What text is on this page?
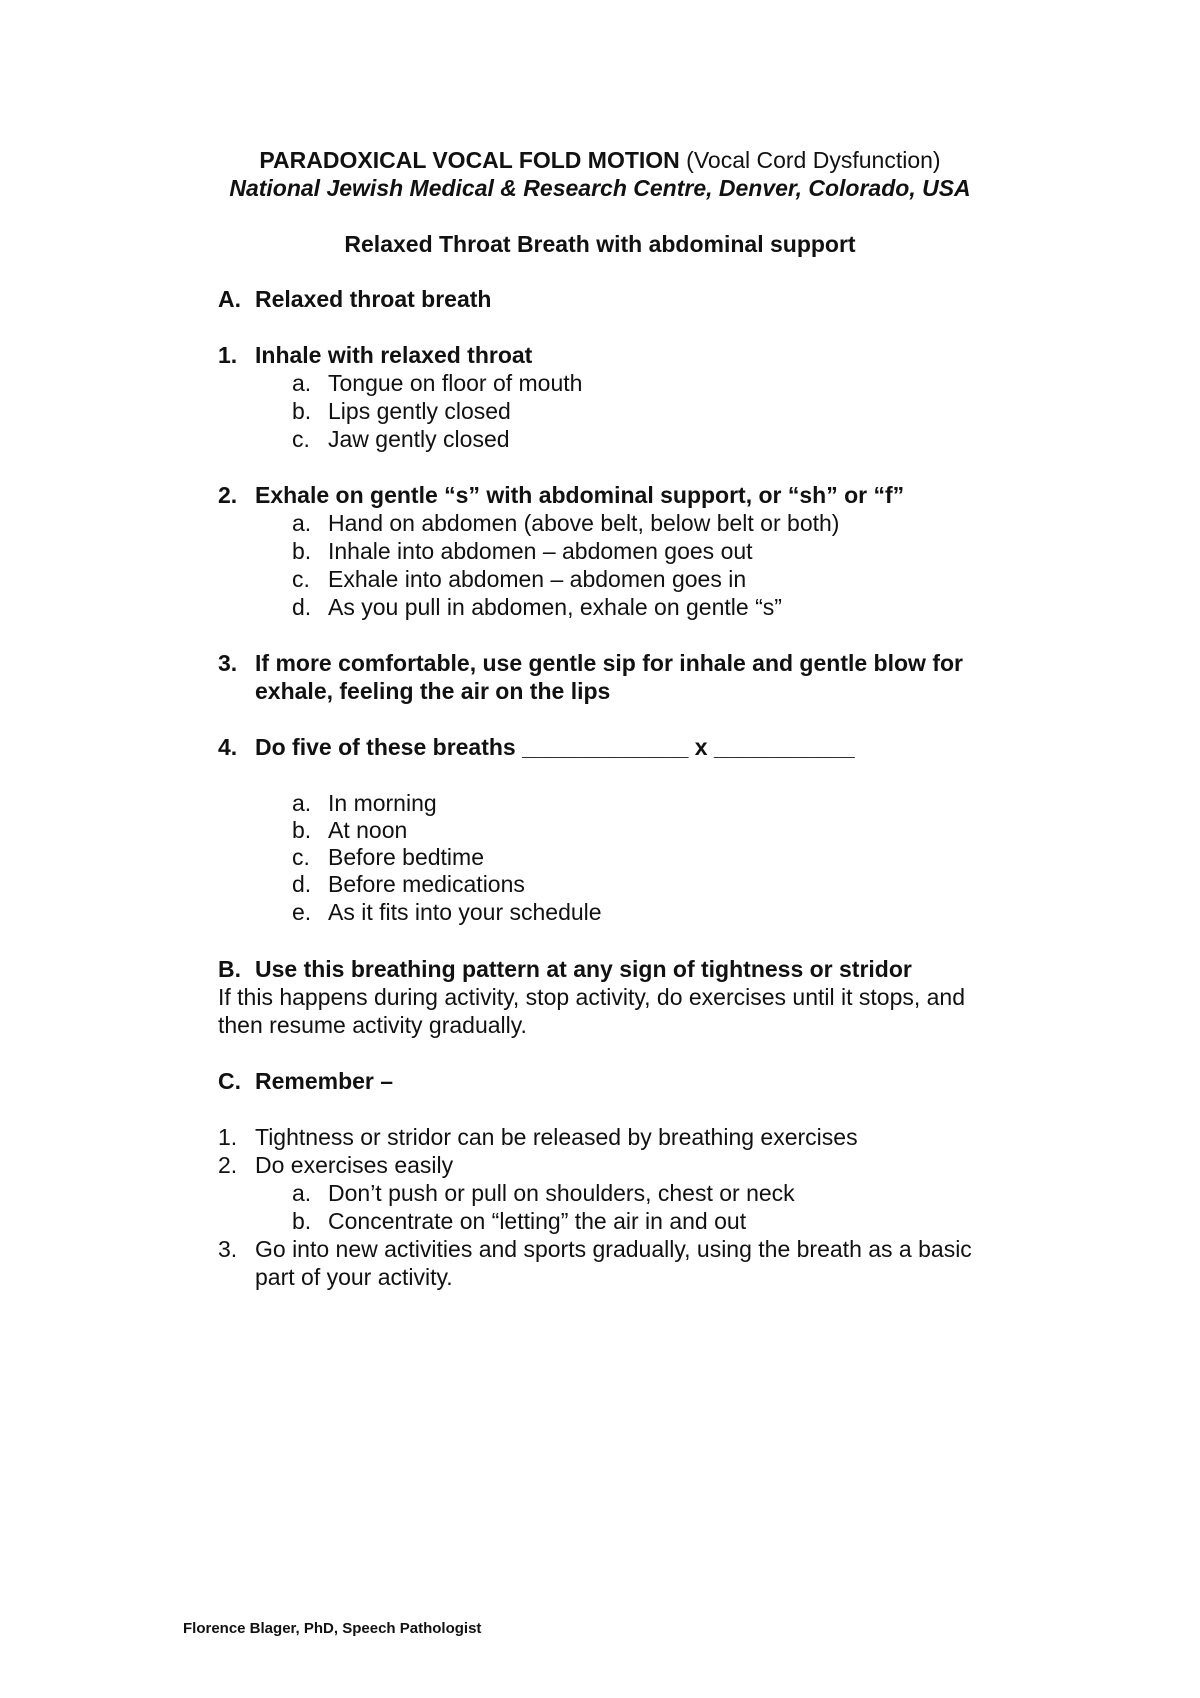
PARADOXICAL VOCAL FOLD MOTION (Vocal Cord Dysfunction)
National Jewish Medical & Research Centre, Denver, Colorado, USA
Relaxed Throat Breath with abdominal support
A. Relaxed throat breath
1. Inhale with relaxed throat
a. Tongue on floor of mouth
b. Lips gently closed
c. Jaw gently closed
2. Exhale on gentle “s” with abdominal support, or “sh” or “f”
a. Hand on abdomen (above belt, below belt or both)
b. Inhale into abdomen – abdomen goes out
c. Exhale into abdomen – abdomen goes in
d. As you pull in abdomen, exhale on gentle “s”
3. If more comfortable, use gentle sip for inhale and gentle blow for
exhale, feeling the air on the lips
4. Do five of these breaths _____________ x ___________
a. In morning
b. At noon
c. Before bedtime
d. Before medications
e. As it fits into your schedule
B. Use this breathing pattern at any sign of tightness or stridor
If this happens during activity, stop activity, do exercises until it stops, and
then resume activity gradually.
C. Remember –
1. Tightness or stridor can be released by breathing exercises
2. Do exercises easily
a. Don’t push or pull on shoulders, chest or neck
b. Concentrate on “letting” the air in and out
3. Go into new activities and sports gradually, using the breath as a basic
part of your activity.
Florence Blager, PhD, Speech Pathologist
